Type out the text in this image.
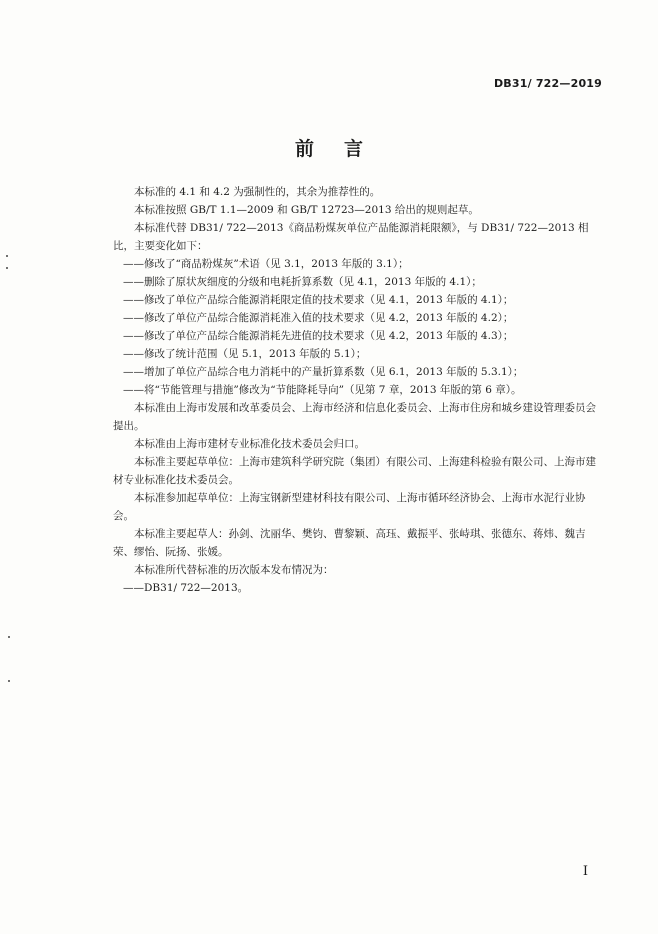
DB31/ 722—2019
前言

本标准的 4.1 和 4.2 为强制性的，其余为推荐性的。

本标准按照 GB/T 1.1—2009 和 GB/T 12723—2013 给出的规则起草。

本标准代替 DB31/ 722—2013《商品粉煤灰单位产品能源消耗限额》，与 DB31/ 722—2013 相比，主要变化如下：

——修改了“商品粉煤灰”术语（见 3.1，2013 年版的 3.1）；

——删除了原状灰细度的分级和电耗折算系数（见 4.1，2013 年版的 4.1）；

——修改了单位产品综合能源消耗限定值的技术要求（见 4.1，2013 年版的 4.1）；

——修改了单位产品综合能源消耗准入值的技术要求（见 4.2，2013 年版的 4.2）；

——修改了单位产品综合能源消耗先进值的技术要求（见 4.2，2013 年版的 4.3）；

——修改了统计范围（见 5.1，2013 年版的 5.1）；

——增加了单位产品综合电力消耗中的产量折算系数（见 6.1，2013 年版的 5.3.1）；

——将“节能管理与措施”修改为“节能降耗导向”（见第 7 章，2013 年版的第 6 章）。

本标准由上海市发展和改革委员会、上海市经济和信息化委员会、上海市住房和城乡建设管理委员会提出。

本标准由上海市建材专业标准化技术委员会归口。

本标准主要起草单位：上海市建筑科学研究院（集团）有限公司、上海建科检验有限公司、上海市建材专业标准化技术委员会。

本标准参加起草单位：上海宝钢新型建材科技有限公司、上海市循环经济协会、上海市水泥行业协会。

本标准主要起草人：孙剑、沈丽华、樊钧、曹黎颖、高珏、戴振平、张峙琪、张德东、蒋炜、魏吉荣、缪怡、阮扬、张媛。

本标准所代替标准的历次版本发布情况为：

——DB31/ 722—2013。

I
